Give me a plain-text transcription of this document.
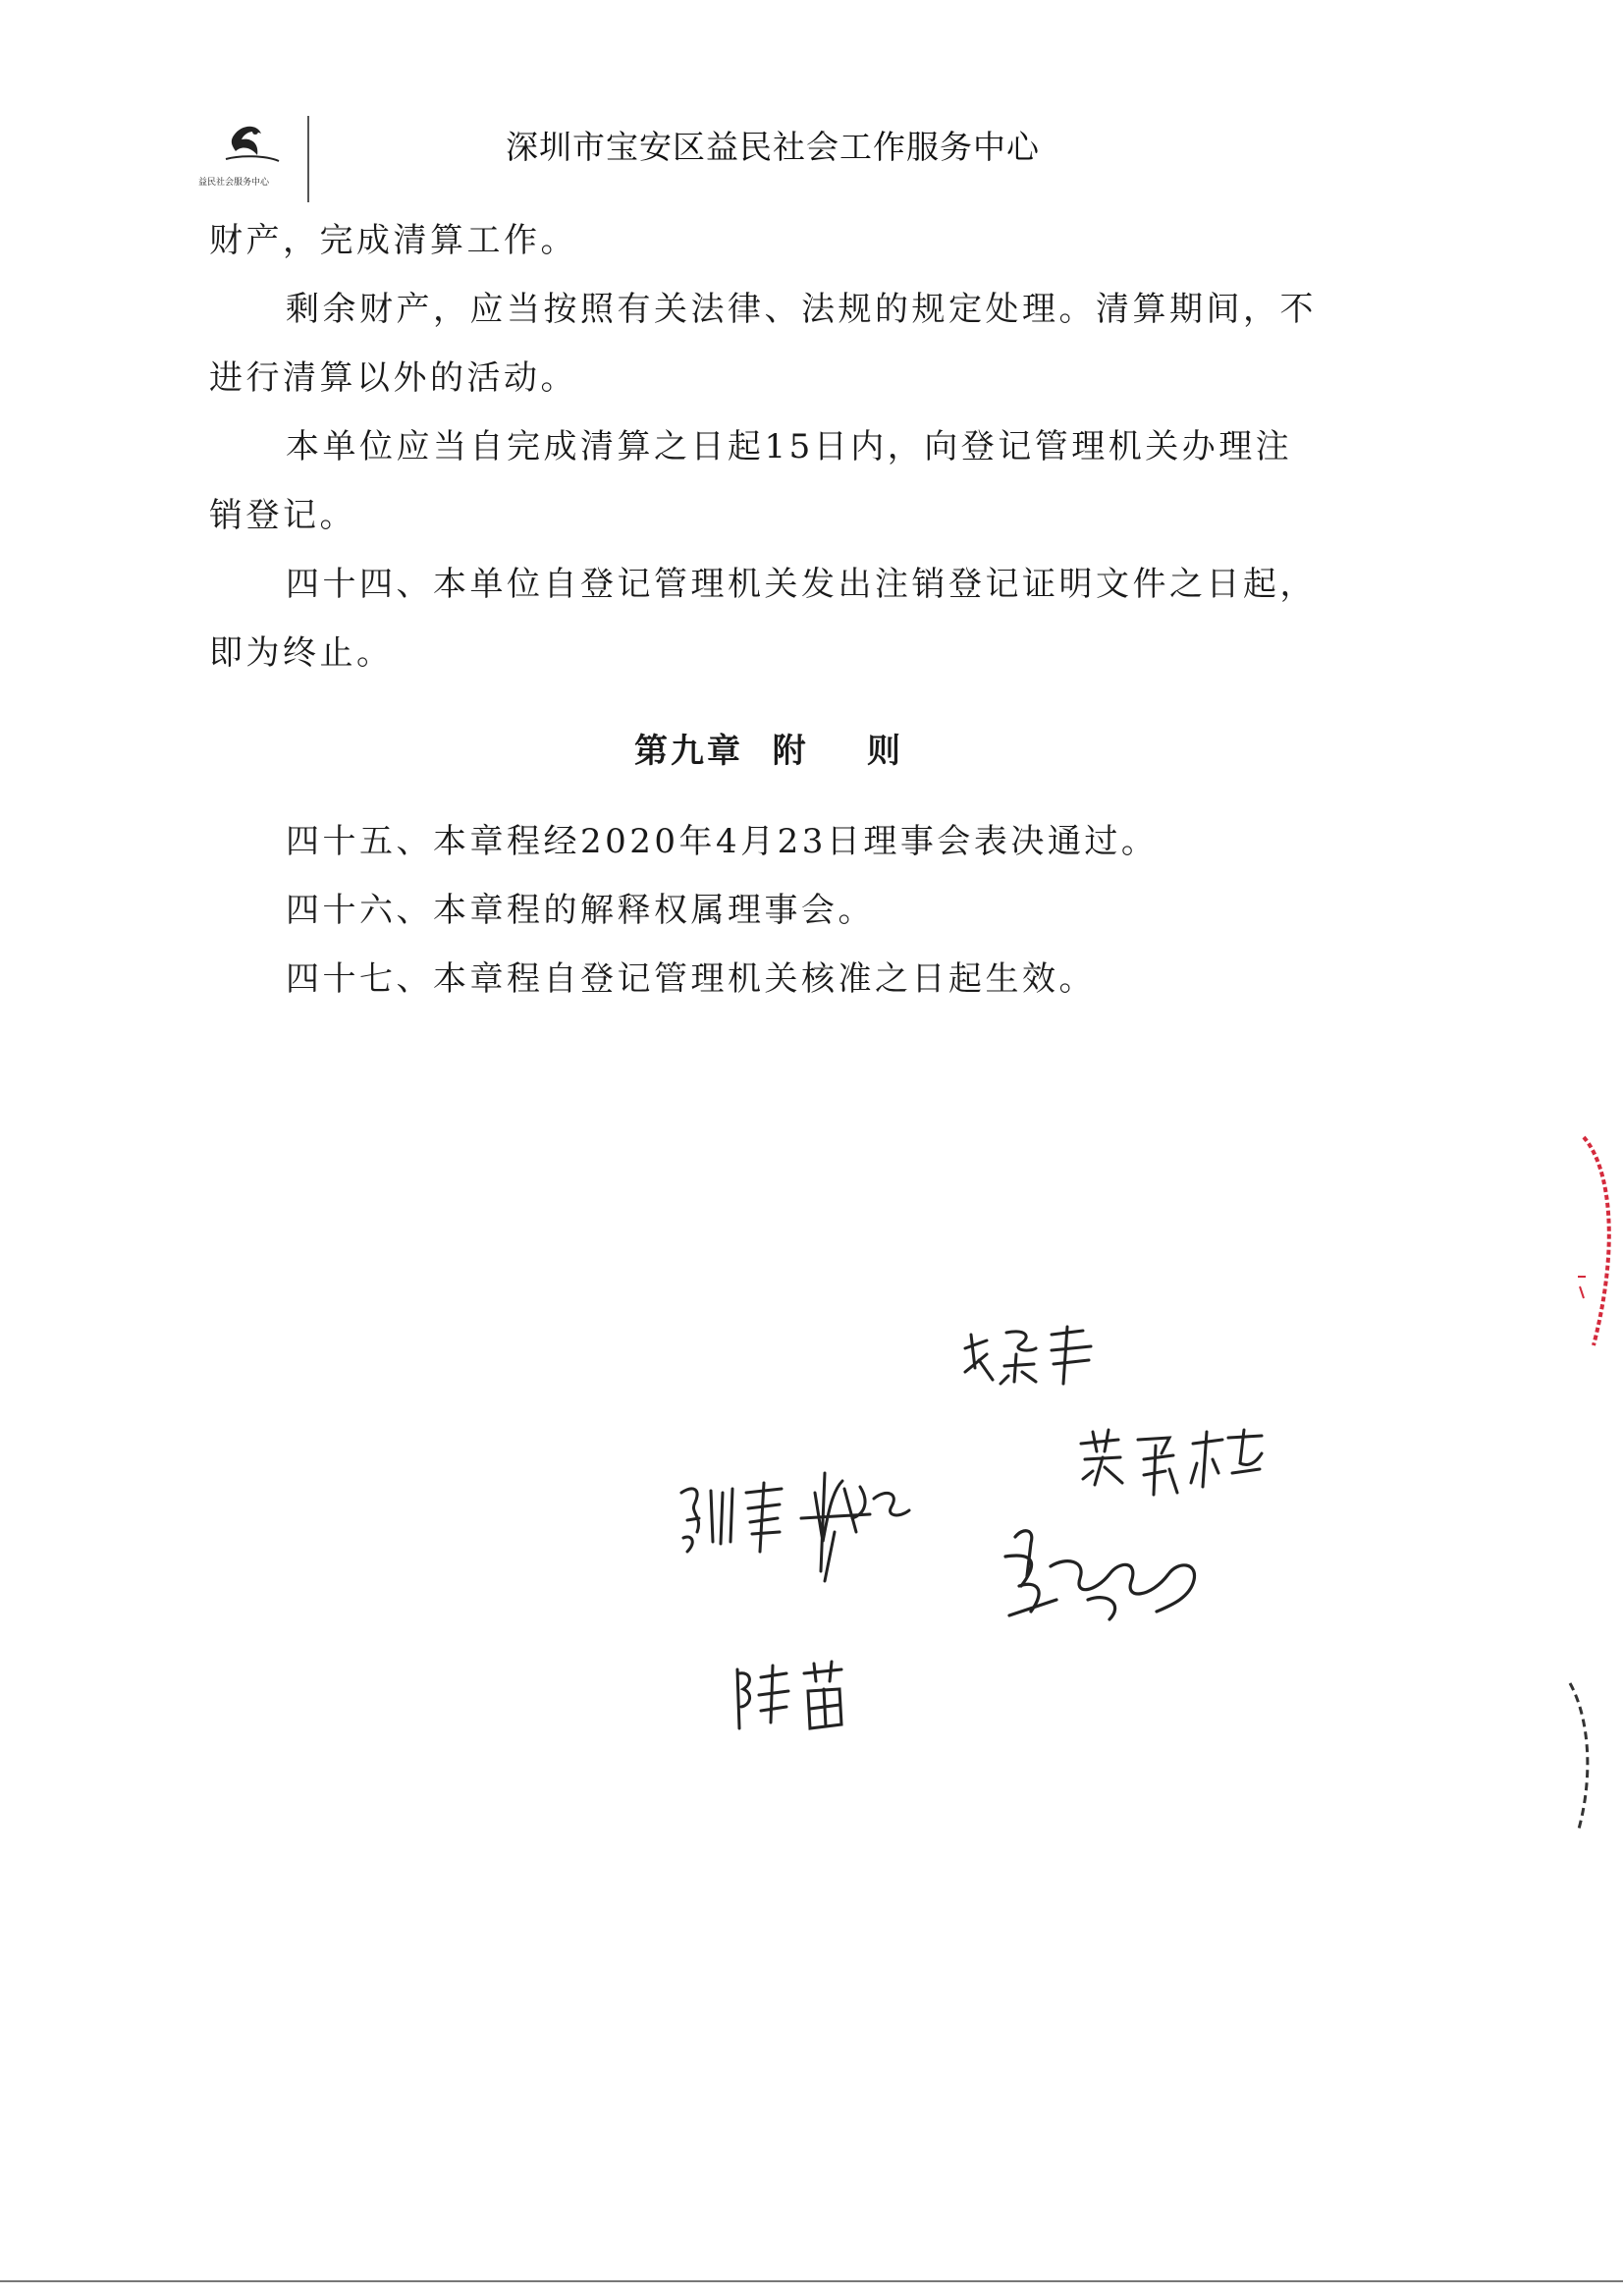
益民社会服务中心
深圳市宝安区益民社会工作服务中心

财产，完成清算工作。

剩余财产，应当按照有关法律、法规的规定处理。清算期间，不进行清算以外的活动。

本单位应当自完成清算之日起15日内，向登记管理机关办理注销登记。

四十四、本单位自登记管理机关发出注销登记证明文件之日起，即为终止。

第九章  附    则

四十五、本章程经2020年4月23日理事会表决通过。

四十六、本章程的解释权属理事会。

四十七、本章程自登记管理机关核准之日起生效。
